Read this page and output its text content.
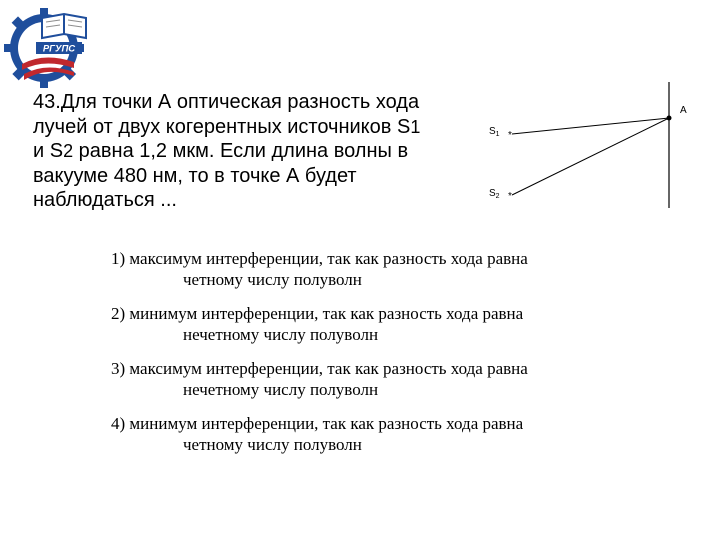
РГУПС
43.Для точки А оптическая разность хода
лучей от двух когерентных источников S1
и S2 равна 1,2 мкм. Если длина волны в
вакууме 480 нм, то в точке А будет
наблюдаться ...
*
*
$S_1$
$S_2$
A
1) максимум интерференции, так как разность хода равна
четному числу полуволн
2) минимум интерференции, так как разность хода равна
нечетному числу полуволн
3) максимум интерференции, так как разность хода равна
нечетному числу полуволн
4) минимум интерференции, так как разность хода равна
четному числу полуволн
